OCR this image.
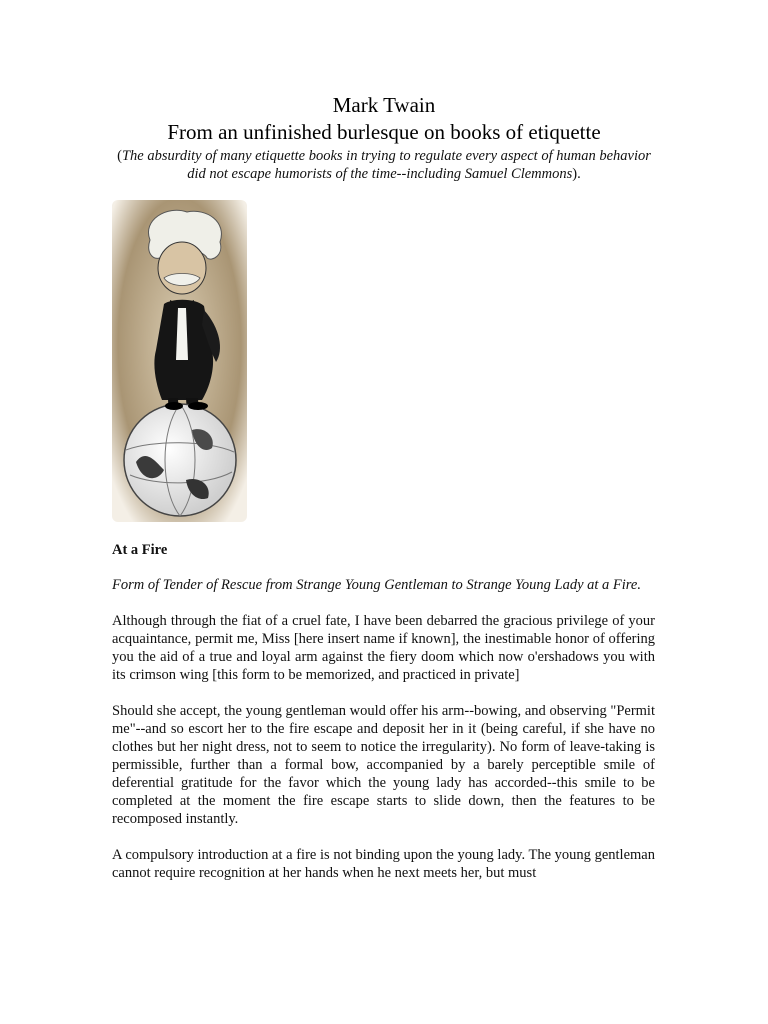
Mark Twain
From an unfinished burlesque on books of etiquette
(The absurdity of many etiquette books in trying to regulate every aspect of human behavior did not escape humorists of the time--including Samuel Clemmons).
At a Fire

Form of Tender of Rescue from Strange Young Gentleman to Strange Young Lady at a Fire.

Although through the fiat of a cruel fate, I have been debarred the gracious privilege of your acquaintance, permit me, Miss [here insert name if known], the inestimable honor of offering you the aid of a true and loyal arm against the fiery doom which now o'ershadows you with its crimson wing [this form to be memorized, and practiced in private]

Should she accept, the young gentleman would offer his arm--bowing, and observing "Permit me"--and so escort her to the fire escape and deposit her in it (being careful, if she have no clothes but her night dress, not to seem to notice the irregularity). No form of leave-taking is permissible, further than a formal bow, accompanied by a barely perceptible smile of deferential gratitude for the favor which the young lady has accorded--this smile to be completed at the moment the fire escape starts to slide down, then the features to be recomposed instantly.

A compulsory introduction at a fire is not binding upon the young lady. The young gentleman cannot require recognition at her hands when he next meets her, but must
